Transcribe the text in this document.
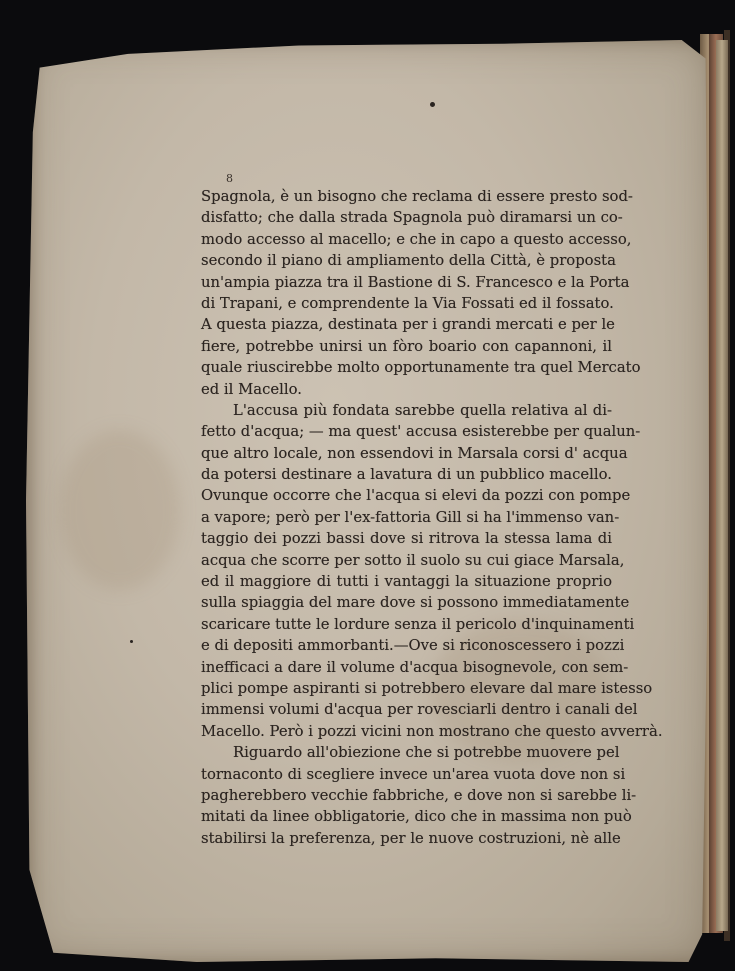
8
Spagnola, è un bisogno che reclama di essere presto sod-
disfatto; che dalla strada Spagnola può diramarsi un co-
modo accesso al macello; e che in capo a questo accesso,
secondo il piano di ampliamento della Città, è proposta
un'ampia piazza tra il Bastione di S. Francesco e la Porta
di Trapani, e comprendente la Via Fossati ed il fossato.
A questa piazza, destinata per i grandi mercati e per le
fiere, potrebbe unirsi un fòro boario con capannoni, il
quale riuscirebbe molto opportunamente tra quel Mercato
ed il Macello.
L'accusa più fondata sarebbe quella relativa al di-
fetto d'acqua; — ma quest' accusa esisterebbe per qualun-
que altro locale, non essendovi in Marsala corsi d' acqua
da potersi destinare a lavatura di un pubblico macello.
Ovunque occorre che l'acqua si elevi da pozzi con pompe
a vapore; però per l'ex-fattoria Gill si ha l'immenso van-
taggio dei pozzi bassi dove si ritrova la stessa lama di
acqua che scorre per sotto il suolo su cui giace Marsala,
ed il maggiore di tutti i vantaggi la situazione proprio
sulla spiaggia del mare dove si possono immediatamente
scaricare tutte le lordure senza il pericolo d'inquinamenti
e di depositi ammorbanti.—Ove si riconoscessero i pozzi
inefficaci a dare il volume d'acqua bisognevole, con sem-
plici pompe aspiranti si potrebbero elevare dal mare istesso
immensi volumi d'acqua per rovesciarli dentro i canali del
Macello. Però i pozzi vicini non mostrano che questo avverrà.
Riguardo all'obiezione che si potrebbe muovere pel
tornaconto di scegliere invece un'area vuota dove non si
pagherebbero vecchie fabbriche, e dove non si sarebbe li-
mitati da linee obbligatorie, dico che in massima non può
stabilirsi la preferenza, per le nuove costruzioni, nè alle
